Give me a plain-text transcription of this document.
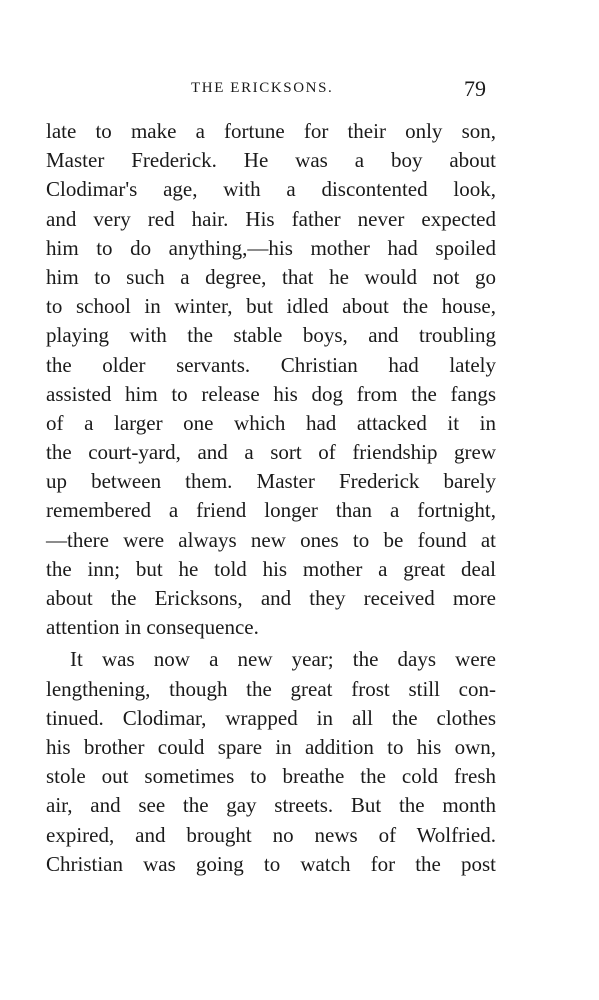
THE ERICKSONS.	79
late to make a fortune for their only son,
Master Frederick. He was a boy about
Clodimar's age, with a discontented look,
and very red hair. His father never expected
him to do anything,—his mother had spoiled
him to such a degree, that he would not go
to school in winter, but idled about the house,
playing with the stable boys, and troubling
the older servants. Christian had lately
assisted him to release his dog from the fangs
of a larger one which had attacked it in
the court-yard, and a sort of friendship grew
up between them. Master Frederick barely
remembered a friend longer than a fortnight,
—there were always new ones to be found at
the inn; but he told his mother a great deal
about the Ericksons, and they received more
attention in consequence.
It was now a new year; the days were
lengthening, though the great frost still con-
tinued. Clodimar, wrapped in all the clothes
his brother could spare in addition to his own,
stole out sometimes to breathe the cold fresh
air, and see the gay streets. But the month
expired, and brought no news of Wolfried.
Christian was going to watch for the post
